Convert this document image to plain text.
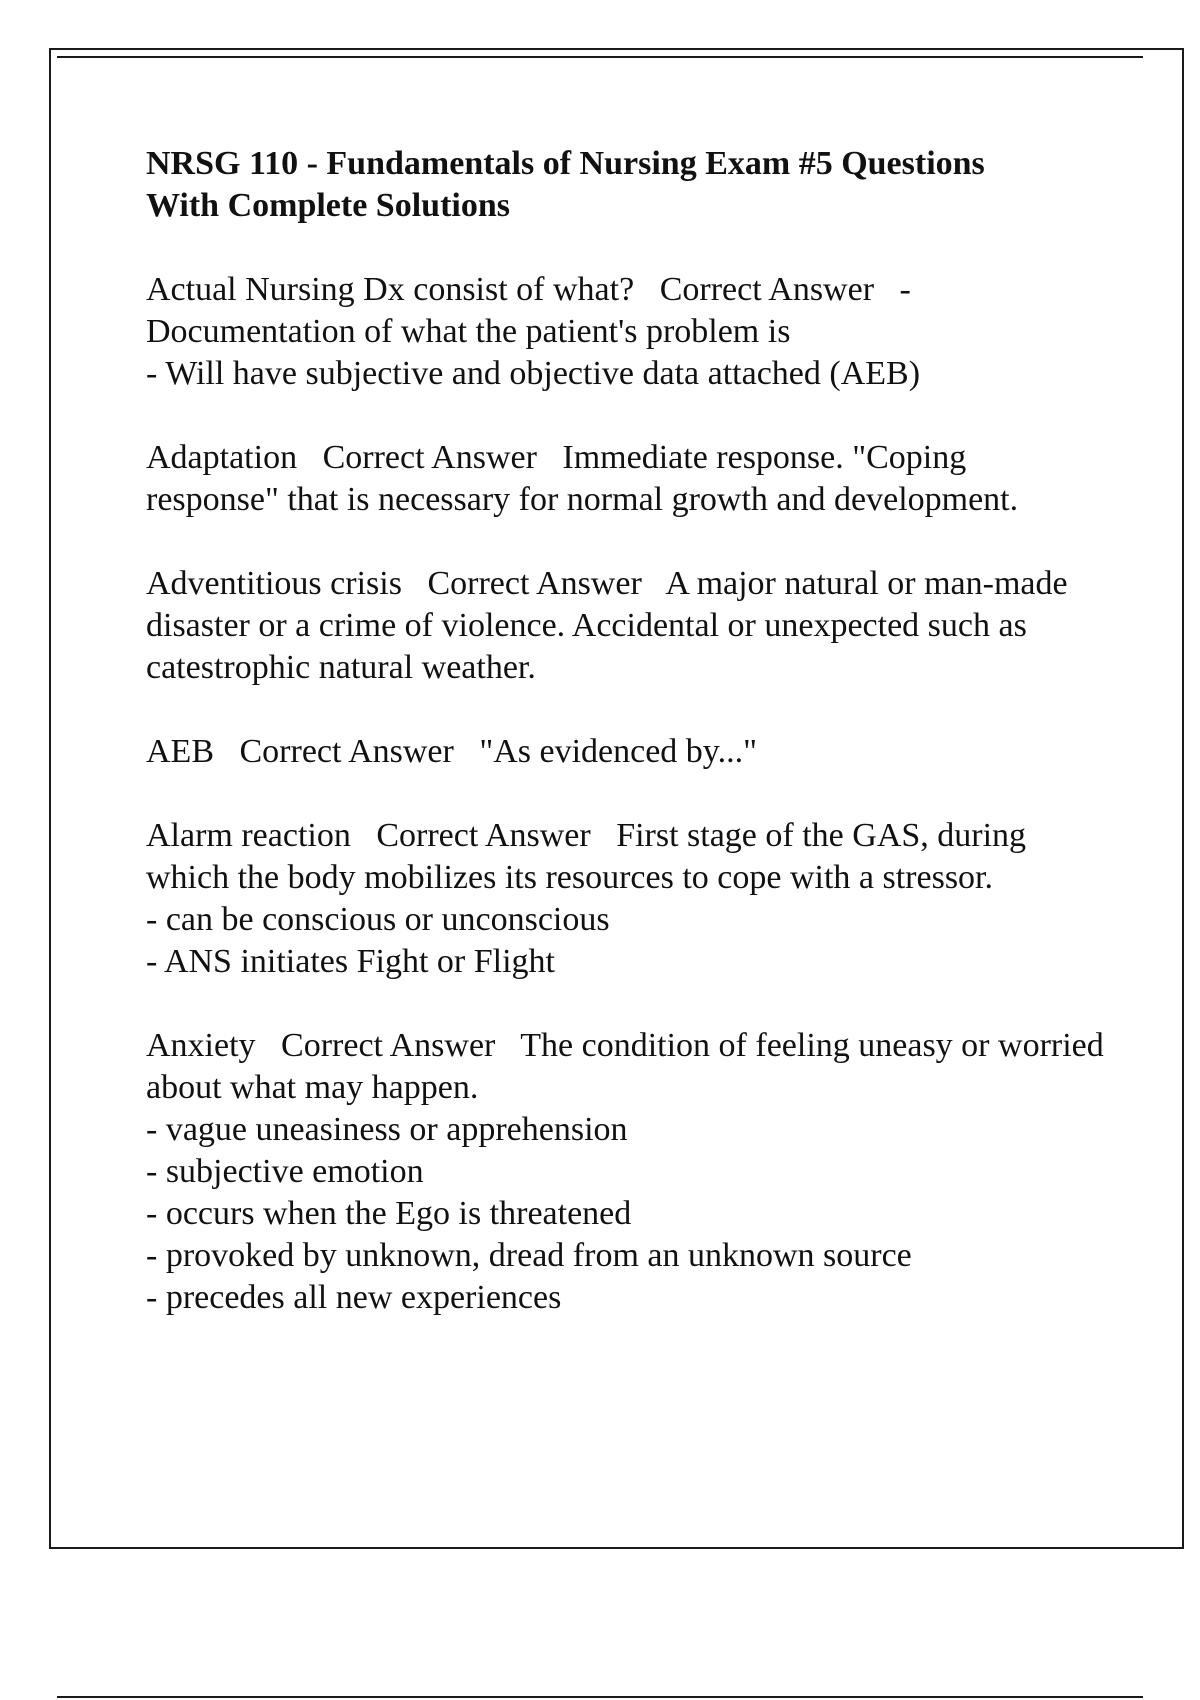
NRSG 110 - Fundamentals of Nursing Exam #5 Questions
With Complete Solutions
Actual Nursing Dx consist of what? Correct Answer - Documentation of what the patient's problem is
- Will have subjective and objective data attached (AEB)
Adaptation Correct Answer Immediate response. "Coping response" that is necessary for normal growth and development.
Adventitious crisis Correct Answer A major natural or man-made disaster or a crime of violence. Accidental or unexpected such as catestrophic natural weather.
AEB Correct Answer "As evidenced by..."
Alarm reaction Correct Answer First stage of the GAS, during which the body mobilizes its resources to cope with a stressor.
- can be conscious or unconscious
- ANS initiates Fight or Flight
Anxiety Correct Answer The condition of feeling uneasy or worried about what may happen.
- vague uneasiness or apprehension
- subjective emotion
- occurs when the Ego is threatened
- provoked by unknown, dread from an unknown source
- precedes all new experiences
